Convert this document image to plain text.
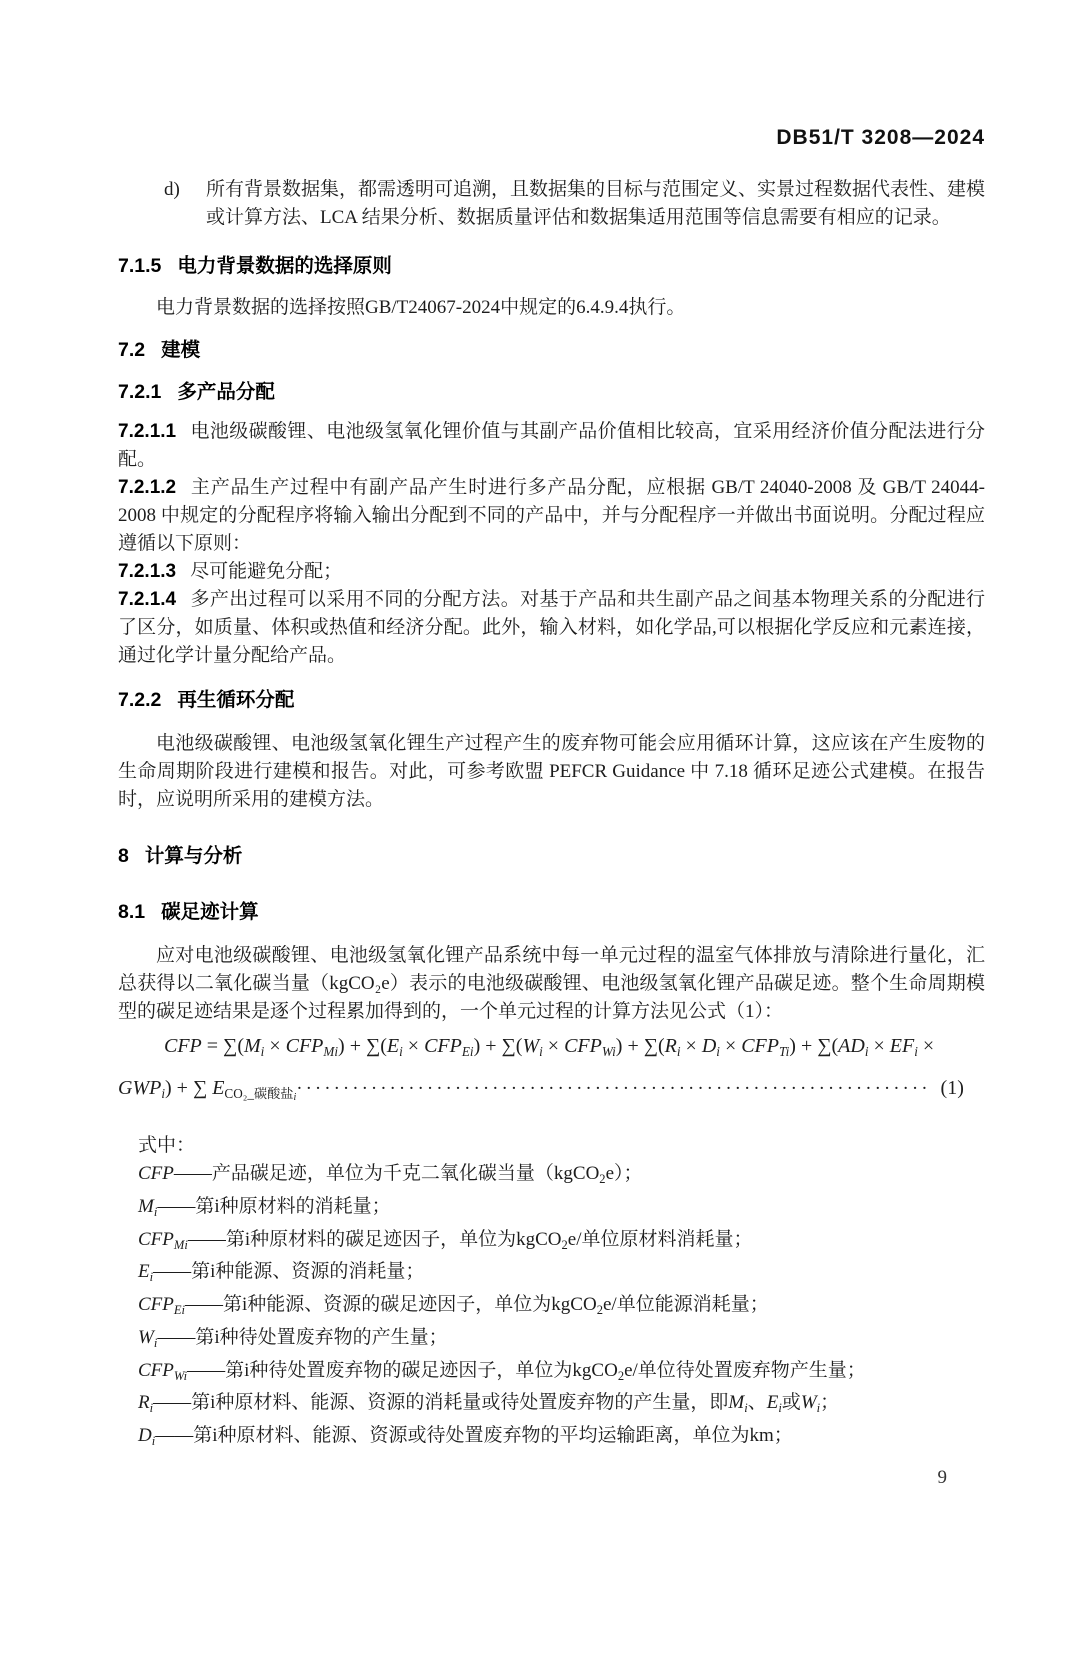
DB51/T 3208—2024

d) 所有背景数据集，都需透明可追溯，且数据集的目标与范围定义、实景过程数据代表性、建模或计算方法、LCA 结果分析、数据质量评估和数据集适用范围等信息需要有相应的记录。

7.1.5 电力背景数据的选择原则

电力背景数据的选择按照GB/T24067-2024中规定的6.4.9.4执行。

7.2 建模
7.2.1 多产品分配

7.2.1.1 电池级碳酸锂、电池级氢氧化锂价值与其副产品价值相比较高，宜采用经济价值分配法进行分配。

7.2.1.2 主产品生产过程中有副产品产生时进行多产品分配，应根据 GB/T 24040-2008 及 GB/T 24044-2008 中规定的分配程序将输入输出分配到不同的产品中，并与分配程序一并做出书面说明。分配过程应遵循以下原则：

7.2.1.3 尽可能避免分配；

7.2.1.4 多产出过程可以采用不同的分配方法。对基于产品和共生副产品之间基本物理关系的分配进行了区分，如质量、体积或热值和经济分配。此外，输入材料，如化学品,可以根据化学反应和元素连接，通过化学计量分配给产品。

7.2.2 再生循环分配

电池级碳酸锂、电池级氢氧化锂生产过程产生的废弃物可能会应用循环计算，这应该在产生废物的生命周期阶段进行建模和报告。对此，可参考欧盟 PEFCR Guidance 中 7.18 循环足迹公式建模。在报告时，应说明所采用的建模方法。

8 计算与分析
8.1 碳足迹计算

应对电池级碳酸锂、电池级氢氧化锂产品系统中每一单元过程的温室气体排放与清除进行量化，汇总获得以二氧化碳当量（kgCO₂e）表示的电池级碳酸锂、电池级氢氧化锂产品碳足迹。整个生命周期模型的碳足迹结果是逐个过程累加得到的，一个单元过程的计算方法见公式（1）：

CFP = ∑(Mi × CFPMi) + ∑(Ei × CFPEi) + ∑(Wi × CFPWi) + ∑(Ri × Di × CFPTi) + ∑(ADi × EFi ×

GWPi) + ∑ ECO₂_碳酸盐$_i$···································································· (1)

式中：

CFP——产品碳足迹，单位为千克二氧化碳当量（kgCO2e）；

Mi——第i种原材料的消耗量；

CFPMi——第i种原材料的碳足迹因子，单位为kgCO2e/单位原材料消耗量；

Ei——第i种能源、资源的消耗量；

CFPEi——第i种能源、资源的碳足迹因子，单位为kgCO2e/单位能源消耗量；

Wi——第i种待处置废弃物的产生量；

CFPWi——第i种待处置废弃物的碳足迹因子，单位为kgCO2e/单位待处置废弃物产生量；

Ri——第i种原材料、能源、资源的消耗量或待处置废弃物的产生量，即Mi、Ei或Wi；

Di——第i种原材料、能源、资源或待处置废弃物的平均运输距离，单位为km；

9
